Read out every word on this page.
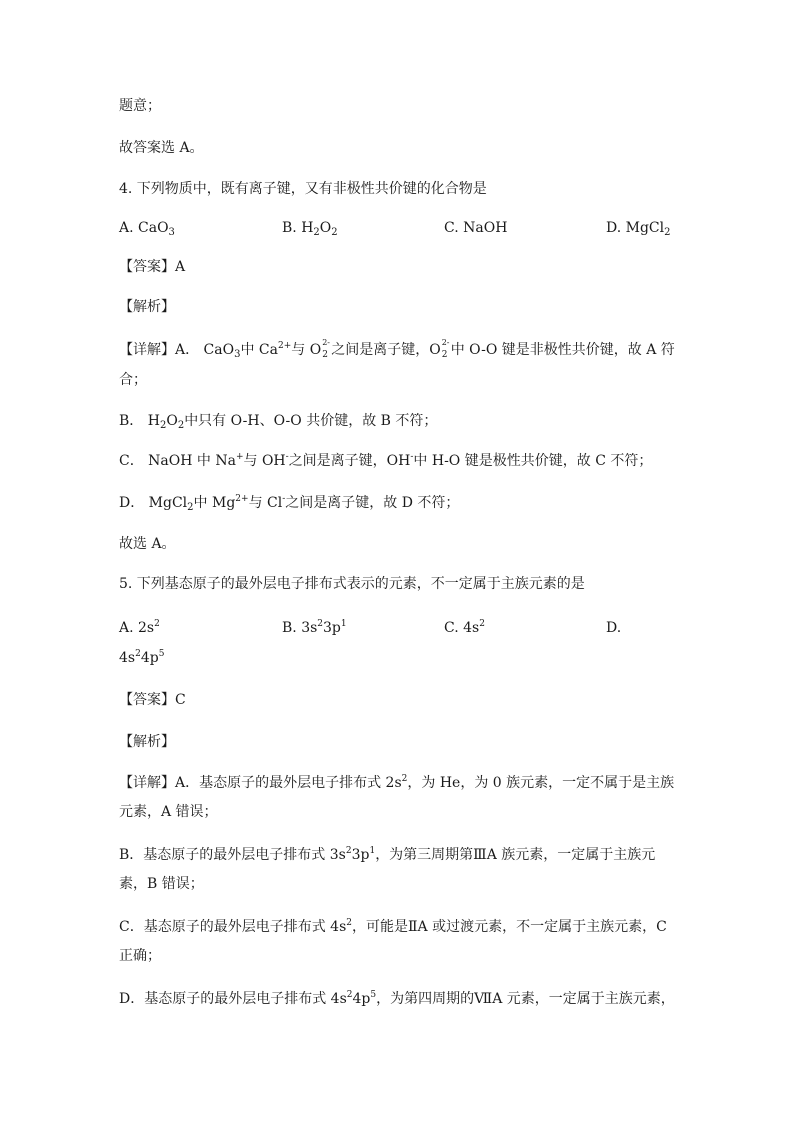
题意；
故答案选 A。
4. 下列物质中，既有离子键，又有非极性共价键的化合物是
A. CaO$_3$	B. $H_2O_2$	C. NaOH	D. MgCl$_2$
【答案】A
【解析】
【详解】A． CaO$_3$中 $Ca^{2+}$与 O 2-
2 之间是离子键，O 2-
2 中 O-O 键是非极性共价键，故 A 符
合；
B． $H_2O_2$中只有 O-H、O-O 共价键，故 B 不符；
C． NaOH 中 Na+与 OH-之间是离子键，OH-中 H-O 键是极性共价键，故 C 不符；
D． MgCl$_2$中 $Mg^{2+}$与 Cl-之间是离子键，故 D 不符；
故选 A。
5. 下列基态原子的最外层电子排布式表示的元素，不一定属于主族元素的是
A. $2s^2$	B. $3s^23p^1$	C. $4s^2$	D.
$4s^24p^5$
【答案】C
【解析】
【详解】A．基态原子的最外层电子排布式 $2s^2$，为 He，为 0 族元素，一定不属于是主族
元素，A 错误；
B．基态原子的最外层电子排布式 $3s^23p^1$，为第三周期第ⅢA 族元素，一定属于主族元
素，B 错误；
C．基态原子的最外层电子排布式 $4s^2$，可能是ⅡA 或过渡元素，不一定属于主族元素，C
正确；
D．基态原子的最外层电子排布式 $4s^24p^5$，为第四周期的ⅦA 元素，一定属于主族元素，
